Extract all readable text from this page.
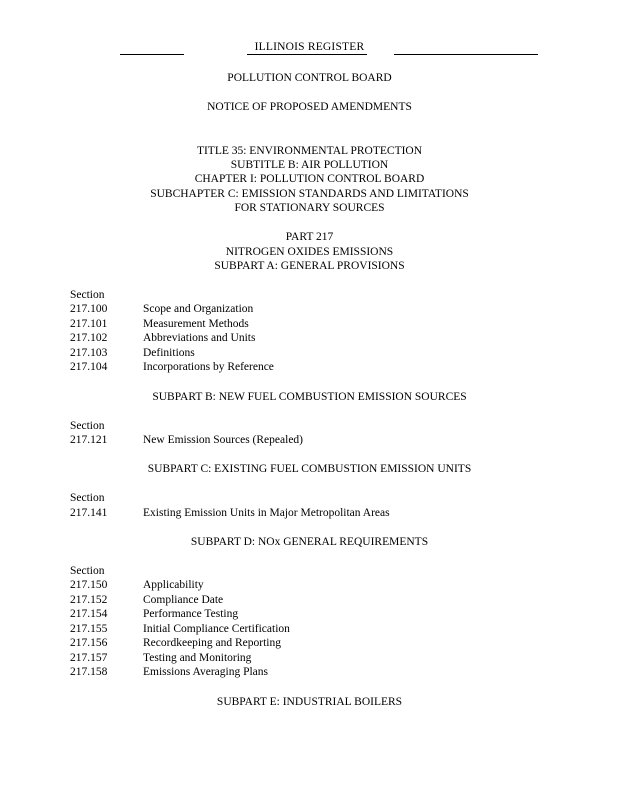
ILLINOIS REGISTER
POLLUTION CONTROL BOARD
NOTICE OF PROPOSED AMENDMENTS
TITLE 35: ENVIRONMENTAL PROTECTION
SUBTITLE B: AIR POLLUTION
CHAPTER I: POLLUTION CONTROL BOARD
SUBCHAPTER C: EMISSION STANDARDS AND LIMITATIONS
FOR STATIONARY SOURCES
PART 217
NITROGEN OXIDES EMISSIONS
SUBPART A: GENERAL PROVISIONS
Section
217.100	Scope and Organization
217.101	Measurement Methods
217.102	Abbreviations and Units
217.103	Definitions
217.104	Incorporations by Reference
SUBPART B: NEW FUEL COMBUSTION EMISSION SOURCES
Section
217.121	New Emission Sources (Repealed)
SUBPART C: EXISTING FUEL COMBUSTION EMISSION UNITS
Section
217.141	Existing Emission Units in Major Metropolitan Areas
SUBPART D: NOx GENERAL REQUIREMENTS
Section
217.150	Applicability
217.152	Compliance Date
217.154	Performance Testing
217.155	Initial Compliance Certification
217.156	Recordkeeping and Reporting
217.157	Testing and Monitoring
217.158	Emissions Averaging Plans
SUBPART E: INDUSTRIAL BOILERS
